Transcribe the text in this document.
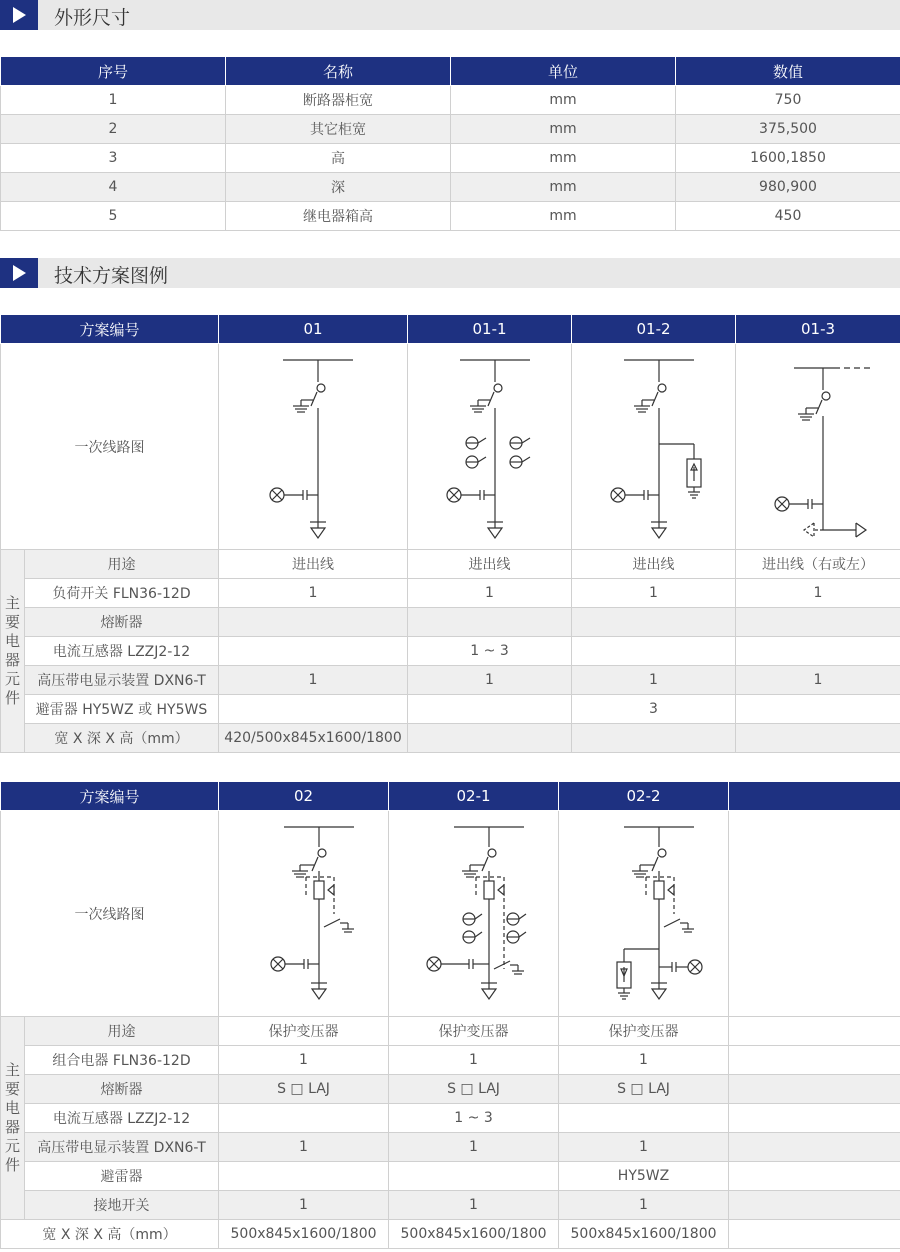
外形尺寸
序号	名称	单位	数值
1	断路器柜宽	mm	750
2	其它柜宽	mm	375,500
3	高	mm	1600,1850
4	深	mm	980,900
5	继电器箱高	mm	450
技术方案图例
方案编号		01	01-1	01-2	01-3
一次线路图	

主要电器元件	用途	进出线	进出线	进出线	进出线（右或左）
	负荷开关 FLN36-12D	1	1	1	1
	熔断器				
	电流互感器 LZZJ2-12		1 ~ 3		
	高压带电显示装置 DXN6-T	1	1	1	1
	避雷器 HY5WZ 或 HY5WS			3	
	宽 X 深 X 高（mm）	420/500x845x1600/1800			
方案编号		02	02-1	02-2	
一次线路图	

主要电器元件	用途	保护变压器	保护变压器	保护变压器	
	组合电器 FLN36-12D	1	1	1	
	熔断器	S □ LAJ	S □ LAJ	S □ LAJ	
	电流互感器 LZZJ2-12		1 ~ 3		
	高压带电显示装置 DXN6-T	1	1	1	
	避雷器			HY5WZ	
	接地开关	1	1	1	
宽 X 深 X 高（mm）		500x845x1600/1800	500x845x1600/1800	500x845x1600/1800	
